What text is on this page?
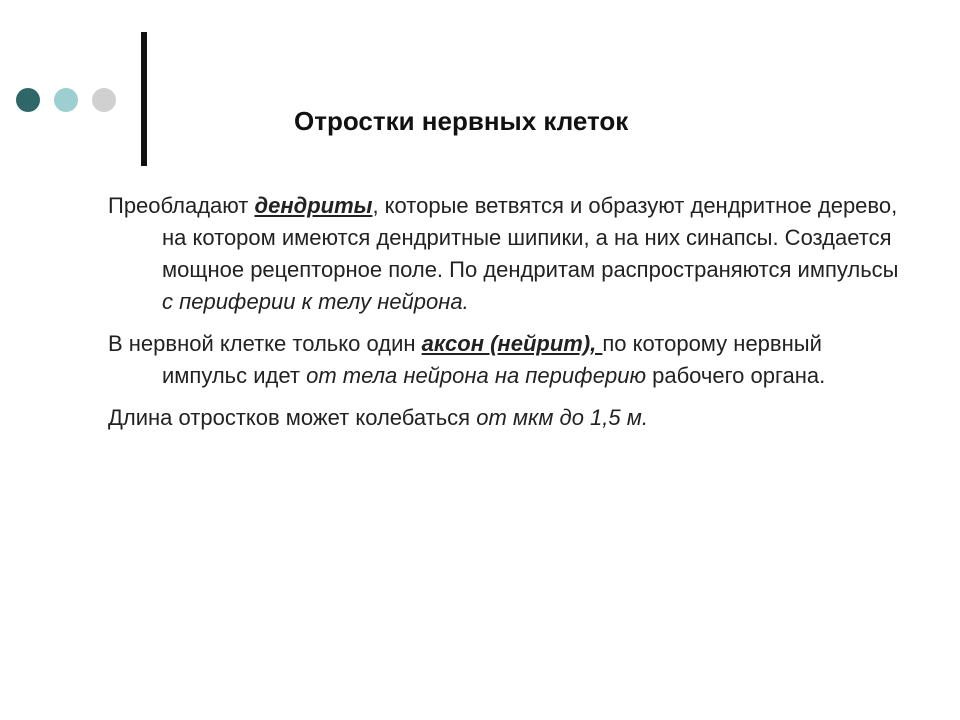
Отростки нервных клеток

Преобладают дендриты, которые ветвятся и образуют дендритное дерево, на котором имеются дендритные шипики, а на них синапсы. Создается мощное рецепторное поле. По дендритам распространяются импульсы с периферии к телу нейрона.

В нервной клетке только один аксон (нейрит), по которому нервный импульс идет от тела нейрона на периферию рабочего органа.

Длина отростков может колебаться от мкм до 1,5 м.
